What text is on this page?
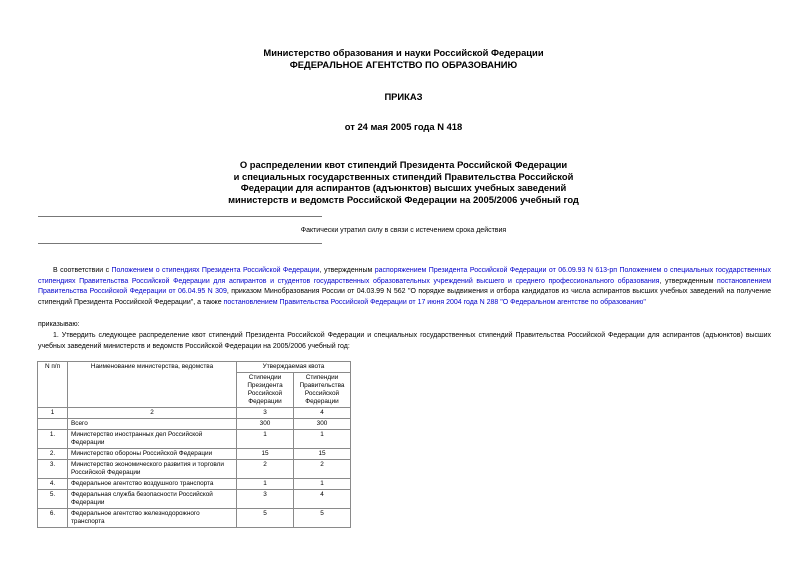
Министерство образования и науки Российской Федерации
ФЕДЕРАЛЬНОЕ АГЕНТСТВО ПО ОБРАЗОВАНИЮ
ПРИКАЗ
от 24 мая 2005 года N 418
О распределении квот стипендий Президента Российской Федерации
и специальных государственных стипендий Правительства Российской
Федерации для аспирантов (адъюнктов) высших учебных заведений
министерств и ведомств Российской Федерации на 2005/2006 учебный год
Фактически утратил силу в связи с истечением срока действия
В соответствии с Положением о стипендиях Президента Российской Федерации, утвержденным распоряжением Президента Российской Федерации от 06.09.93 N 613-рп Положением о специальных государственных стипендиях Правительства Российской Федерации для аспирантов и студентов государственных образовательных учреждений высшего и среднего профессионального образования, утвержденным постановлением Правительства Российской Федерации от 06.04.95 N 309, приказом Минобразования России от 04.03.99 N 562 "О порядке выдвижения и отбора кандидатов из числа аспирантов высших учебных заведений на получение стипендий Президента Российской Федерации", а также постановлением Правительства Российской Федерации от 17 июня 2004 года N 288 "О Федеральном агентстве по образованию"
приказываю:
1. Утвердить следующее распределение квот стипендий Президента Российской Федерации и специальных государственных стипендий Правительства Российской Федерации для аспирантов (адъюнктов) высших учебных заведений министерств и ведомств Российской Федерации на 2005/2006 учебный год:
N п/п	Наименование министерства, ведомства	Утверждаемая квота	
		Стипендии Президента Российской Федерации	Стипендии Правительства Российской Федерации
1	2	3	4
	Всего	300	300
1.	Министерство иностранных дел Российской Федерации	1	1
2.	Министерство обороны Российской Федерации	15	15
3.	Министерство экономического развития и торговли Российской Федерации	2	2
4.	Федеральное агентство воздушного транспорта	1	1
5.	Федеральная служба безопасности Российской Федерации	3	4
6.	Федеральное агентство железнодорожного транспорта	5	5
